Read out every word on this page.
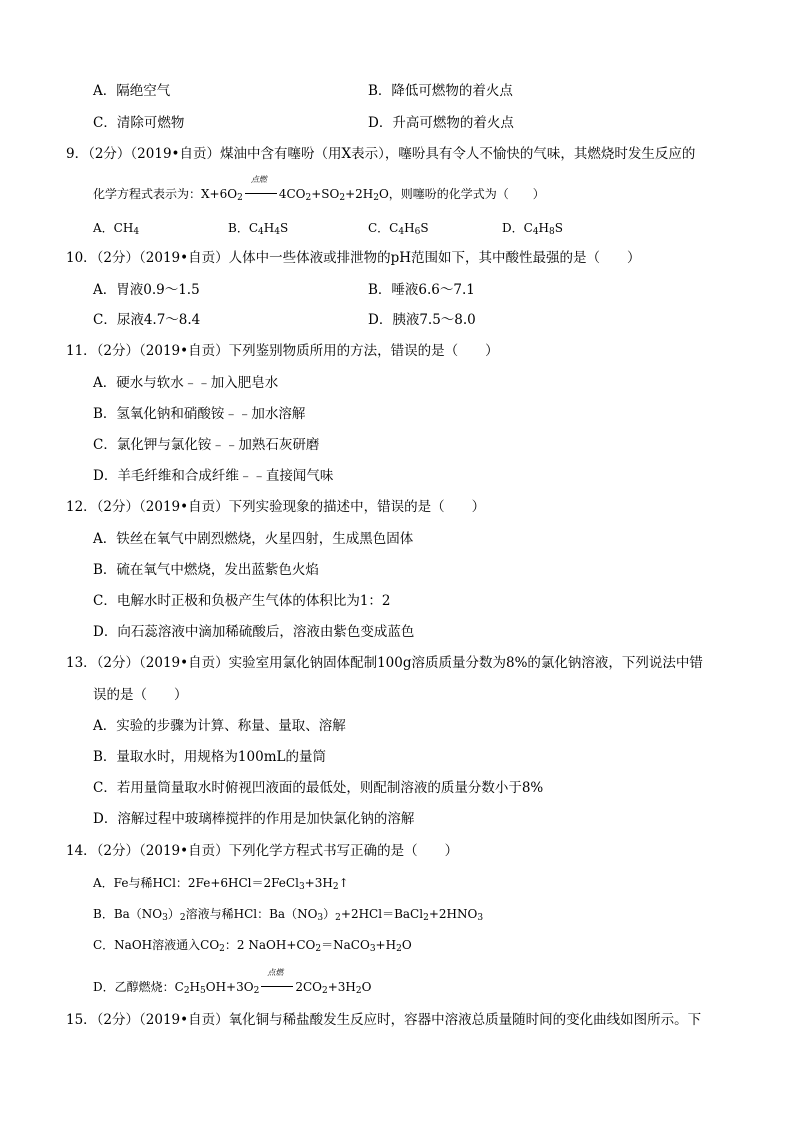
A．隔绝空气	B．降低可燃物的着火点
C．清除可燃物	D．升高可燃物的着火点
9．（2分）（2019•自贡）煤油中含有噻吩（用X表示），噻吩具有令人不愉快的气味，其燃烧时发生反应的
化学方程式表示为：$X+6O_2$
点燃
$4CO_2+SO_2+2H_2O$，则噻吩的化学式为（　　）
A．$CH_4$	B．$C_4H_4S$	C．$C_4H_6S$	D．$C_4H_8S$
10．（2分）（2019•自贡）人体中一些体液或排泄物的pH范围如下，其中酸性最强的是（　　）
A．胃液0.9～1.5	B．唾液6.6～7.1
C．尿液4.7～8.4	D．胰液7.5～8.0
11．（2分）（2019•自贡）下列鉴别物质所用的方法，错误的是（　　）
A．硬水与软水﹣﹣加入肥皂水
B．氢氧化钠和硝酸铵﹣﹣加水溶解
C．氯化钾与氯化铵﹣﹣加熟石灰研磨
D．羊毛纤维和合成纤维﹣﹣直接闻气味
12．（2分）（2019•自贡）下列实验现象的描述中，错误的是（　　）
A．铁丝在氧气中剧烈燃烧，火星四射，生成黑色固体
B．硫在氧气中燃烧，发出蓝紫色火焰
C．电解水时正极和负极产生气体的体积比为1：2
D．向石蕊溶液中滴加稀硫酸后，溶液由紫色变成蓝色
13．（2分）（2019•自贡）实验室用氯化钠固体配制100g溶质质量分数为8%的氯化钠溶液，下列说法中错
误的是（　　）
A．实验的步骤为计算、称量、量取、溶解
B．量取水时，用规格为100mL的量筒
C．若用量筒量取水时俯视凹液面的最低处，则配制溶液的质量分数小于8%
D．溶解过程中玻璃棒搅拌的作用是加快氯化钠的溶解
14．（2分）（2019•自贡）下列化学方程式书写正确的是（　　）
A．Fe与稀HCl：$2Fe+6HCl=2FeCl_3+3H_2↑$
B．$Ba(NO_3)_2$溶液与稀HCl：$Ba(NO_3)_2+2HCl=BaCl_2+2HNO_3$
C．NaOH溶液通入$CO_2$：2 $NaOH+CO_2=NaCO_3+H_2O$
D．乙醇燃烧：$C_2H_5OH+3O_2$
点燃
$2CO_2+3H_2O$
15．（2分）（2019•自贡）氧化铜与稀盐酸发生反应时，容器中溶液总质量随时间的变化曲线如图所示。下
